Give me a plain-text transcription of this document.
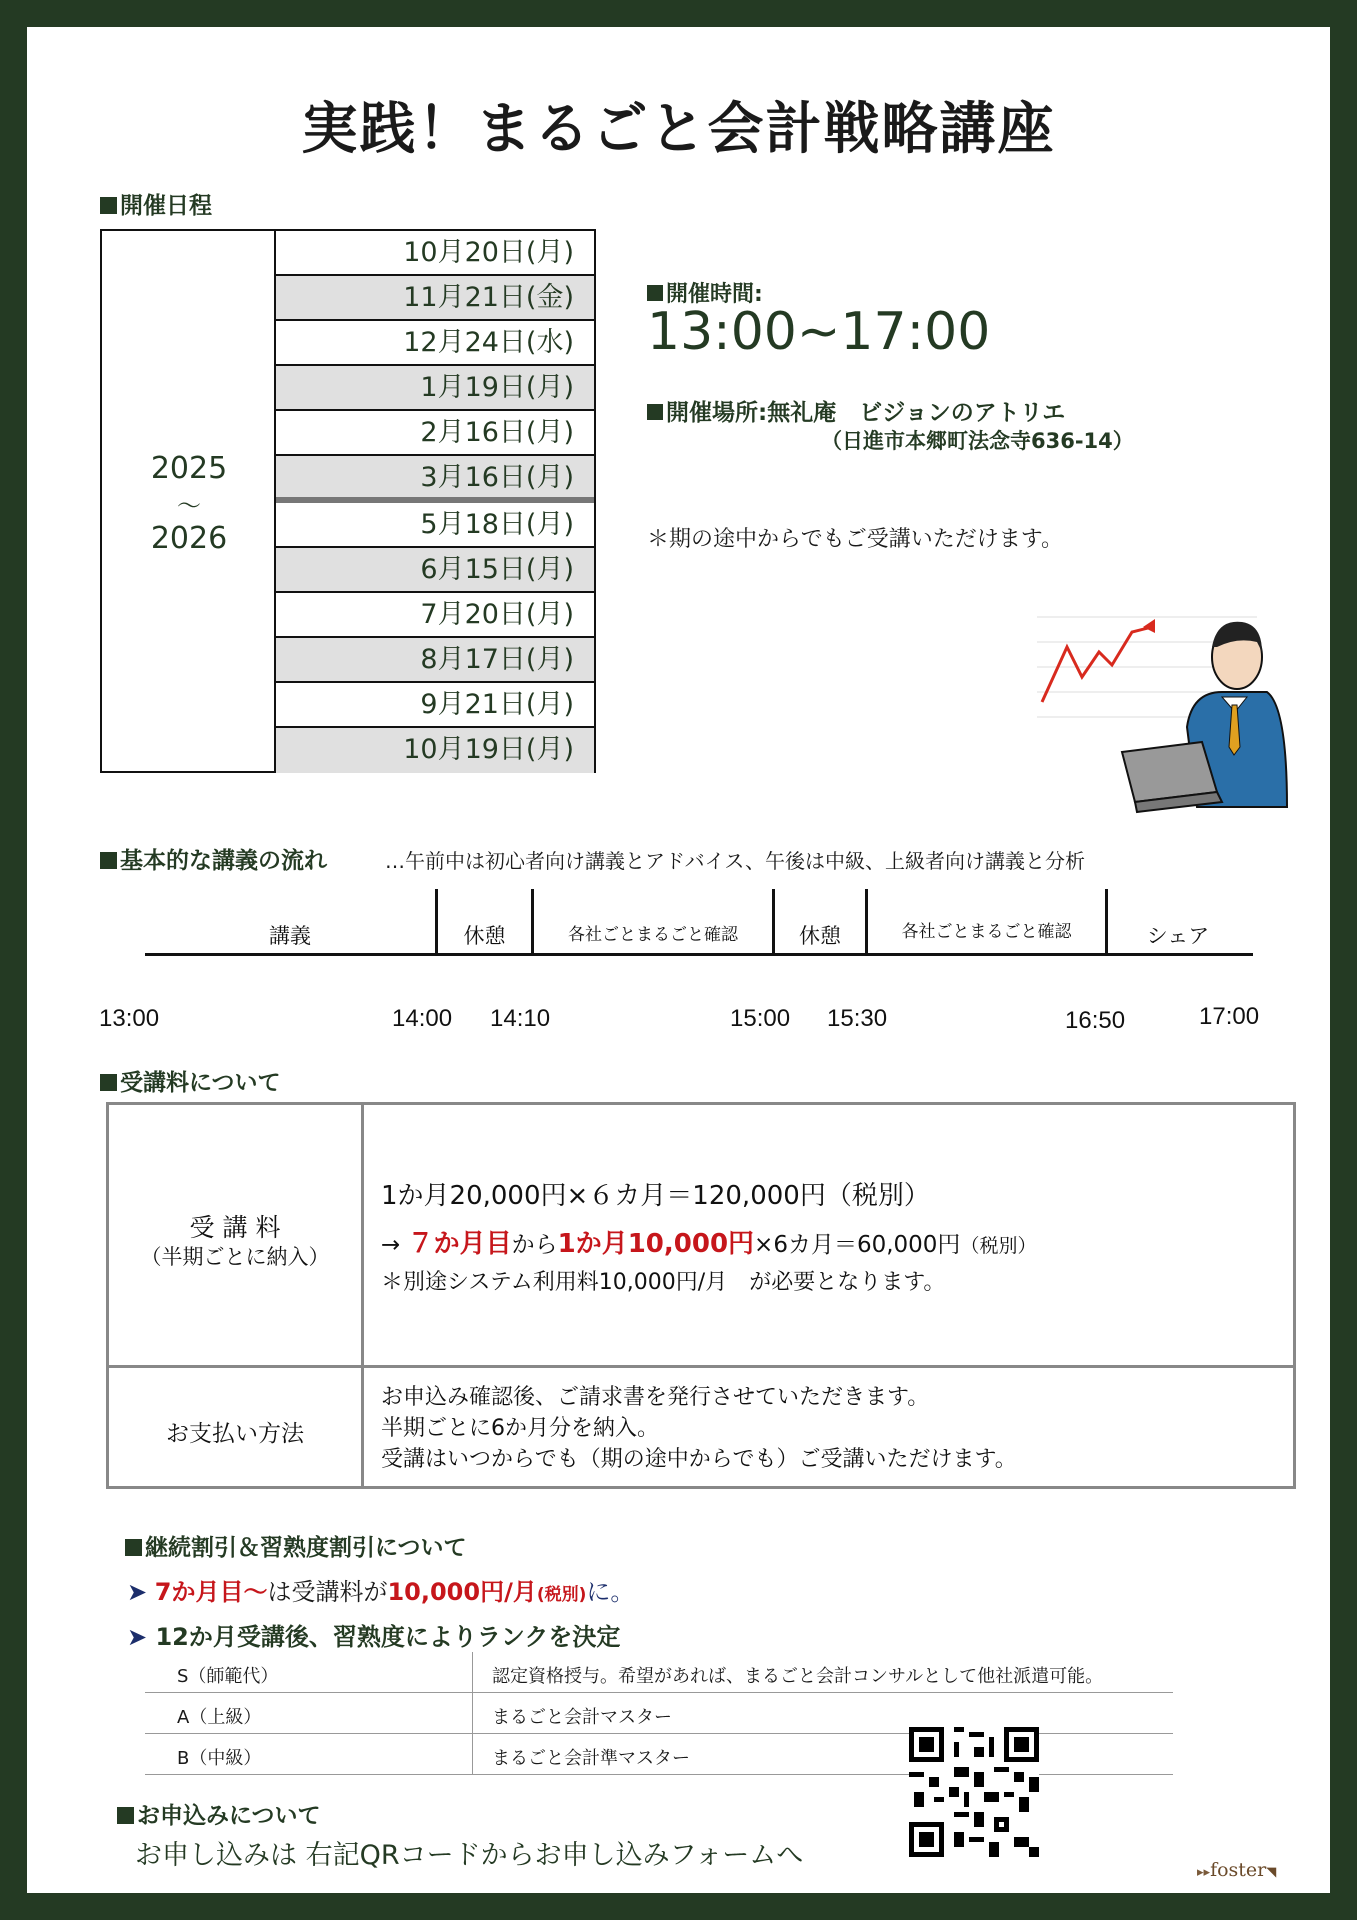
実践！まるごと会計戦略講座
開催日程
2025
～
2026
10月20日(月)
11月21日(金)
12月24日(水)
1月19日(月)
2月16日(月)
3月16日(月)
5月18日(月)
6月15日(月)
7月20日(月)
8月17日(月)
9月21日(月)
10月19日(月)
開催時間:
13:00~17:00
開催場所:無礼庵　ビジョンのアトリエ
（日進市本郷町法念寺636-14）
＊期の途中からでもご受講いただけます。
基本的な講義の流れ	…午前中は初心者向け講義とアドバイス、午後は中級、上級者向け講義と分析
講義	休憩	各社ごとまるごと確認	休憩	各社ごとまるごと確認	シェア
13:00	14:00 14:10	15:00 15:30	16:50	17:00
受講料について
受 講 料
（半期ごとに納入）
1か月20,000円×６カ月＝120,000円（税別）
→ ７か月目から1か月10,000円×6カ月＝60,000円（税別）
＊別途システム利用料10,000円/月　が必要となります。
お支払い方法
お申込み確認後、ご請求書を発行させていただきます。
半期ごとに6か月分を納入。
受講はいつからでも（期の途中からでも）ご受講いただけます。
継続割引＆習熟度割引について
➤ 7か月目～は受講料が10,000円/月(税別)に。
➤ 12か月受講後、習熟度によりランクを決定
S（師範代）	認定資格授与。希望があれば、まるごと会計コンサルとして他社派遣可能。
A（上級）	まるごと会計マスター
B（中級）	まるごと会計準マスター
お申込みについて
お申し込みは 右記QRコードからお申し込みフォームへ
▸▸foster◥
